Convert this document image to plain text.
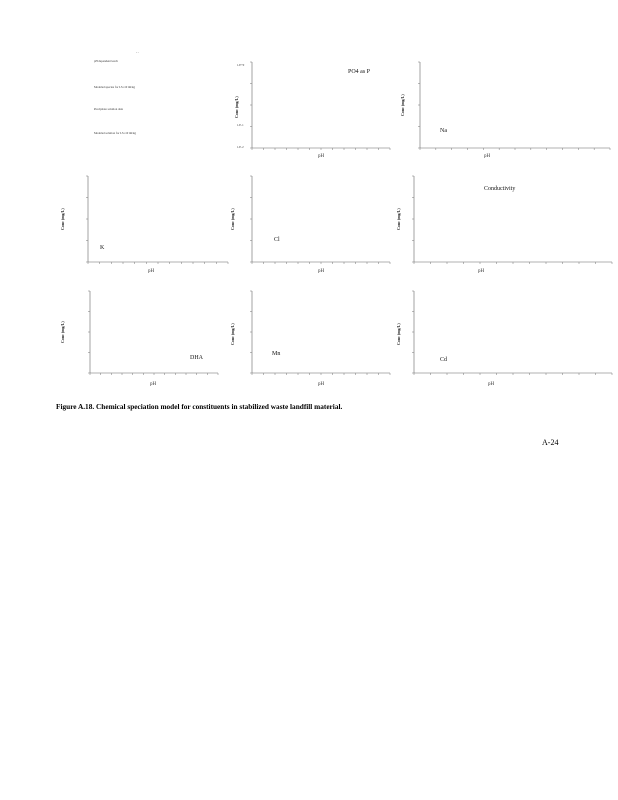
- -
pH dependent leach
Modeled species for LS=10 ml/kg
Precipitate solution data
Modeled solution for LS=10 ml/kg
Conc (mg/L)
1.E+0
1.E-1
1.E-2
PO4 as P
pH
Conc (mg/L)
Na
pH
Conc (mg/L)
K
pH
Conc (mg/L)
Cl
pH
Conc (mg/L)
Conductivity
pH
Conc (mg/L)
DHA
pH
Conc (mg/L)
Mn
pH
Conc (mg/L)
Cd
pH
Figure A.18. Chemical speciation model for constituents in stabilized waste landfill material.
A‑24
